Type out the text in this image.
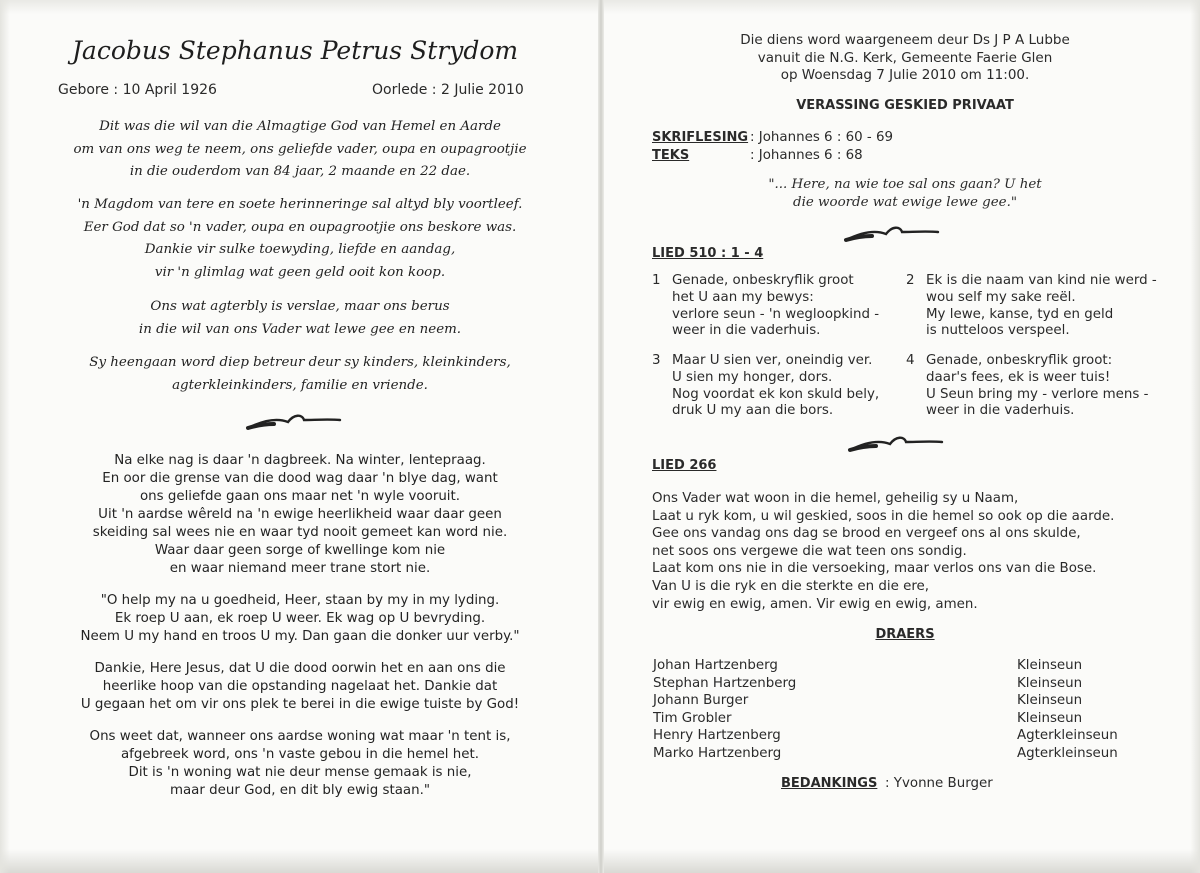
Jacobus Stephanus Petrus Strydom
Gebore : 10 April 1926	Oorlede : 2 Julie 2010
Dit was die wil van die Almagtige God van Hemel en Aarde
om van ons weg te neem, ons geliefde vader, oupa en oupagrootjie
in die ouderdom van 84 jaar, 2 maande en 22 dae.
'n Magdom van tere en soete herinneringe sal altyd bly voortleef.
Eer God dat so 'n vader, oupa en oupagrootjie ons beskore was.
Dankie vir sulke toewyding, liefde en aandag,
vir 'n glimlag wat geen geld ooit kon koop.
Ons wat agterbly is verslae, maar ons berus
in die wil van ons Vader wat lewe gee en neem.
Sy heengaan word diep betreur deur sy kinders, kleinkinders,
agterkleinkinders, familie en vriende.
Na elke nag is daar 'n dagbreek. Na winter, lentepraag.
En oor die grense van die dood wag daar 'n blye dag, want
ons geliefde gaan ons maar net 'n wyle vooruit.
Uit 'n aardse wêreld na 'n ewige heerlikheid waar daar geen
skeiding sal wees nie en waar tyd nooit gemeet kan word nie.
Waar daar geen sorge of kwellinge kom nie
en waar niemand meer trane stort nie.
"O help my na u goedheid, Heer, staan by my in my lyding.
Ek roep U aan, ek roep U weer. Ek wag op U bevryding.
Neem U my hand en troos U my. Dan gaan die donker uur verby."
Dankie, Here Jesus, dat U die dood oorwin het en aan ons die
heerlike hoop van die opstanding nagelaat het. Dankie dat
U gegaan het om vir ons plek te berei in die ewige tuiste by God!
Ons weet dat, wanneer ons aardse woning wat maar 'n tent is,
afgebreek word, ons 'n vaste gebou in die hemel het.
Dit is 'n woning wat nie deur mense gemaak is nie,
maar deur God, en dit bly ewig staan."
Die diens word waargeneem deur Ds J P A Lubbe
vanuit die N.G. Kerk, Gemeente Faerie Glen
op Woensdag 7 Julie 2010 om 11:00.
VERASSING GESKIED PRIVAAT
SKRIFLESING : Johannes 6 : 60 - 69
TEKS	: Johannes 6 : 68
"... Here, na wie toe sal ons gaan? U het
die woorde wat ewige lewe gee."
LIED 510 : 1 - 4
1 Genade, onbeskryflik groot
het U aan my bewys:
verlore seun - 'n wegloopkind -
weer in die vaderhuis.
2 Ek is die naam van kind nie werd -
wou self my sake reël.
My lewe, kanse, tyd en geld
is nutteloos verspeel.
3 Maar U sien ver, oneindig ver.
U sien my honger, dors.
Nog voordat ek kon skuld bely,
druk U my aan die bors.
4 Genade, onbeskryflik groot:
daar's fees, ek is weer tuis!
U Seun bring my - verlore mens -
weer in die vaderhuis.
LIED 266
Ons Vader wat woon in die hemel, geheilig sy u Naam,
Laat u ryk kom, u wil geskied, soos in die hemel so ook op die aarde.
Gee ons vandag ons dag se brood en vergeef ons al ons skulde,
net soos ons vergewe die wat teen ons sondig.
Laat kom ons nie in die versoeking, maar verlos ons van die Bose.
Van U is die ryk en die sterkte en die ere,
vir ewig en ewig, amen. Vir ewig en ewig, amen.
DRAERS
Johan Hartzenberg	Kleinseun
Stephan Hartzenberg	Kleinseun
Johann Burger	Kleinseun
Tim Grobler	Kleinseun
Henry Hartzenberg	Agterkleinseun
Marko Hartzenberg	Agterkleinseun
BEDANKINGS : Yvonne Burger
